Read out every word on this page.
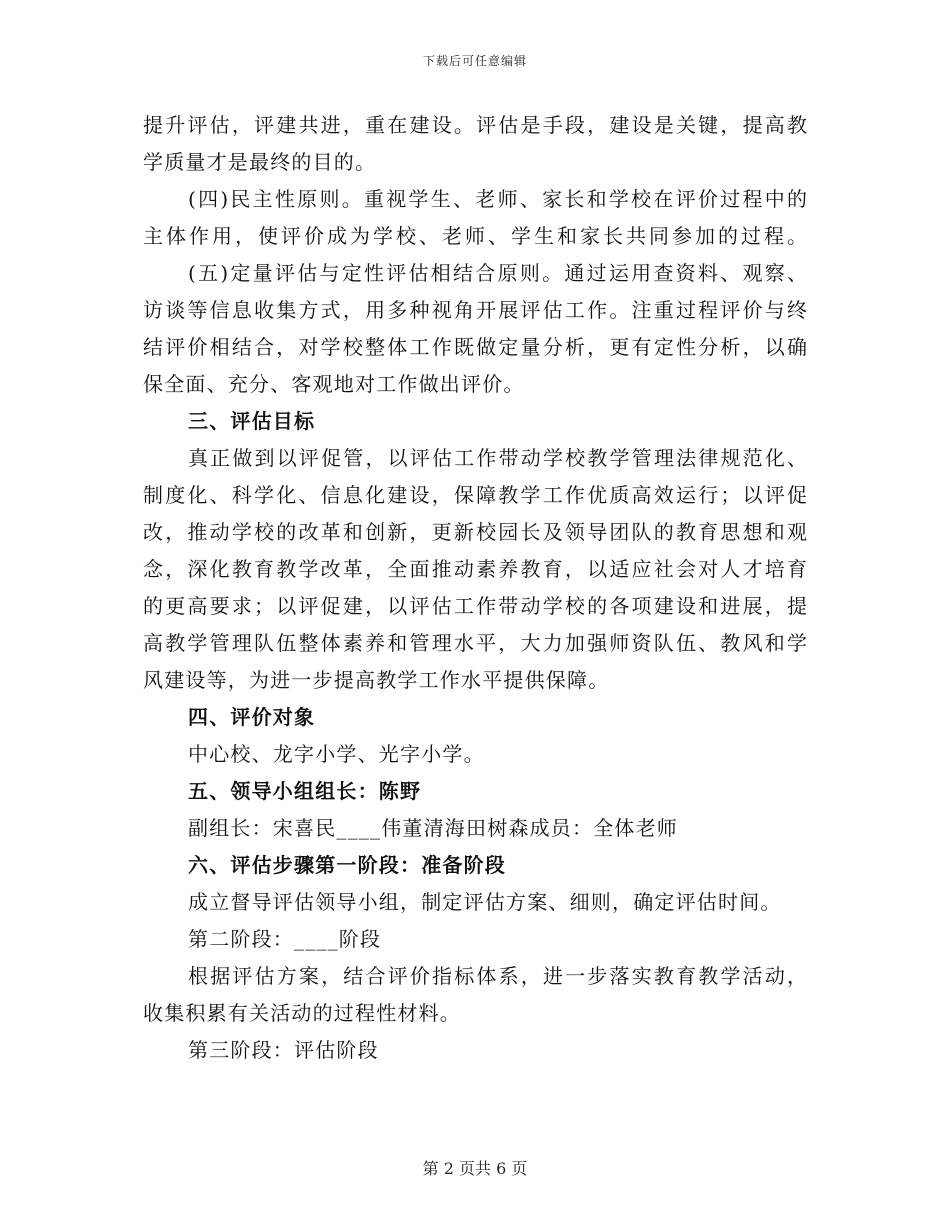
下载后可任意编辑
提升评估，评建共进，重在建设。评估是手段，建设是关键，提高教
学质量才是最终的目的。
(四)民主性原则。重视学生、老师、家长和学校在评价过程中的
主体作用，使评价成为学校、老师、学生和家长共同参加的过程。
(五)定量评估与定性评估相结合原则。通过运用查资料、观察、
访谈等信息收集方式，用多种视角开展评估工作。注重过程评价与终
结评价相结合，对学校整体工作既做定量分析，更有定性分析，以确
保全面、充分、客观地对工作做出评价。
三、评估目标
真正做到以评促管，以评估工作带动学校教学管理法律规范化、
制度化、科学化、信息化建设，保障教学工作优质高效运行；以评促
改，推动学校的改革和创新，更新校园长及领导团队的教育思想和观
念，深化教育教学改革，全面推动素养教育，以适应社会对人才培育
的更高要求；以评促建，以评估工作带动学校的各项建设和进展，提
高教学管理队伍整体素养和管理水平，大力加强师资队伍、教风和学
风建设等，为进一步提高教学工作水平提供保障。
四、评价对象
中心校、龙字小学、光字小学。
五、领导小组组长：陈野
副组长：宋喜民____伟董清海田树森成员：全体老师
六、评估步骤第一阶段：准备阶段
成立督导评估领导小组，制定评估方案、细则，确定评估时间。
第二阶段：____阶段
根据评估方案，结合评价指标体系，进一步落实教育教学活动，
收集积累有关活动的过程性材料。
第三阶段：评估阶段
第 2 页共 6 页
